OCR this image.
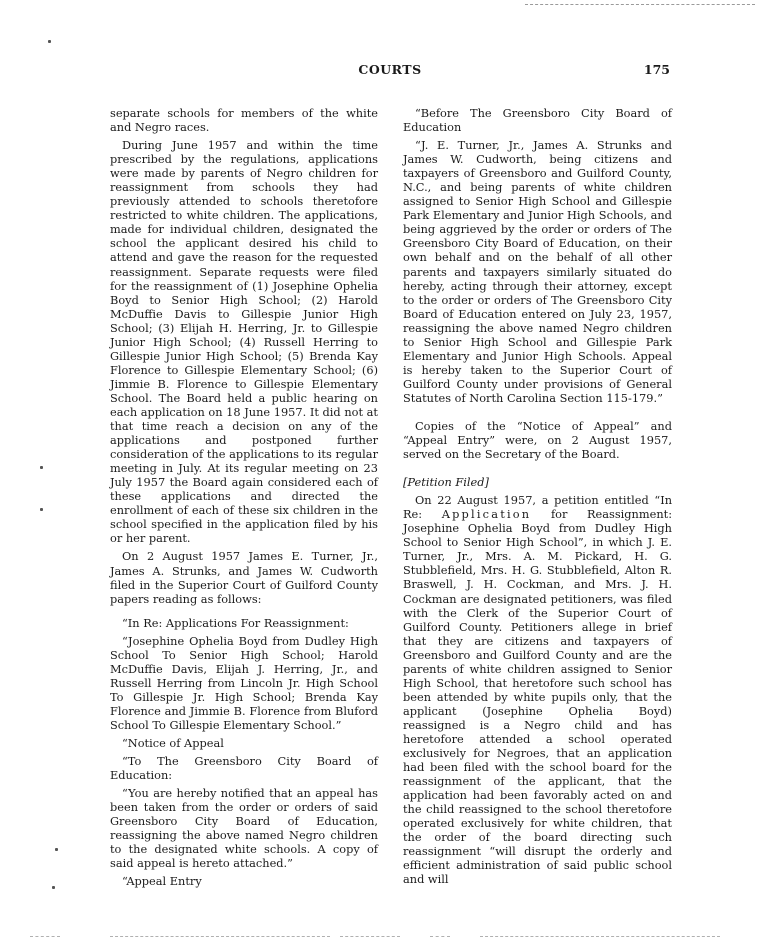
COURTS	175

separate schools for members of the white and Negro races.

During June 1957 and within the time prescribed by the regulations, applications were made by parents of Negro children for reassignment from schools they had previously attended to schools theretofore restricted to white children. The applications, made for individual children, designated the school the applicant desired his child to attend and gave the reason for the requested reassignment. Separate requests were filed for the reassignment of (1) Josephine Ophelia Boyd to Senior High School; (2) Harold McDuffie Davis to Gillespie Junior High School; (3) Elijah H. Herring, Jr. to Gillespie Junior High School; (4) Russell Herring to Gillespie Junior High School; (5) Brenda Kay Florence to Gillespie Elementary School; (6) Jimmie B. Florence to Gillespie Elementary School. The Board held a public hearing on each application on 18 June 1957. It did not at that time reach a decision on any of the applications and postponed further consideration of the applications to its regular meeting in July. At its regular meeting on 23 July 1957 the Board again considered each of these applications and directed the enrollment of each of these six children in the school specified in the application filed by his or her parent.

On 2 August 1957 James E. Turner, Jr., James A. Strunks, and James W. Cudworth filed in the Superior Court of Guilford County papers reading as follows:

“In Re: Applications For Reassignment:

“Josephine Ophelia Boyd from Dudley High School To Senior High School; Harold McDuffie Davis, Elijah J. Herring, Jr., and Russell Herring from Lincoln Jr. High School To Gillespie Jr. High School; Brenda Kay Florence and Jimmie B. Florence from Bluford School To Gillespie Elementary School.”

“Notice of Appeal

“To The Greensboro City Board of Education:

“You are hereby notified that an appeal has been taken from the order or orders of said Greensboro City Board of Education, reassigning the above named Negro children to the designated white schools. A copy of said appeal is hereto attached.”

“Appeal Entry

“Before The Greensboro City Board of Education

“J. E. Turner, Jr., James A. Strunks and James W. Cudworth, being citizens and taxpayers of Greensboro and Guilford County, N.C., and being parents of white children assigned to Senior High School and Gillespie Park Elementary and Junior High Schools, and being aggrieved by the order or orders of The Greensboro City Board of Education, on their own behalf and on the behalf of all other parents and taxpayers similarly situated do hereby, acting through their attorney, except to the order or orders of The Greensboro City Board of Education entered on July 23, 1957, reassigning the above named Negro children to Senior High School and Gillespie Park Elementary and Junior High Schools. Appeal is hereby taken to the Superior Court of Guilford County under provisions of General Statutes of North Carolina Section 115-179.”

Copies of the “Notice of Appeal” and “Appeal Entry” were, on 2 August 1957, served on the Secretary of the Board.

[Petition Filed]

On 22 August 1957, a petition entitled “In Re: Application for Reassignment: Josephine Ophelia Boyd from Dudley High School to Senior High School”, in which J. E. Turner, Jr., Mrs. A. M. Pickard, H. G. Stubblefield, Mrs. H. G. Stubblefield, Alton R. Braswell, J. H. Cockman, and Mrs. J. H. Cockman are designated petitioners, was filed with the Clerk of the Superior Court of Guilford County. Petitioners allege in brief that they are citizens and taxpayers of Greensboro and Guilford County and are the parents of white children assigned to Senior High School, that heretofore such school has been attended by white pupils only, that the applicant (Josephine Ophelia Boyd) reassigned is a Negro child and has heretofore attended a school operated exclusively for Negroes, that an application had been filed with the school board for the reassignment of the applicant, that the application had been favorably acted on and the child reassigned to the school theretofore operated exclusively for white children, that the order of the board directing such reassignment “will disrupt the orderly and efficient administration of said public school and will
